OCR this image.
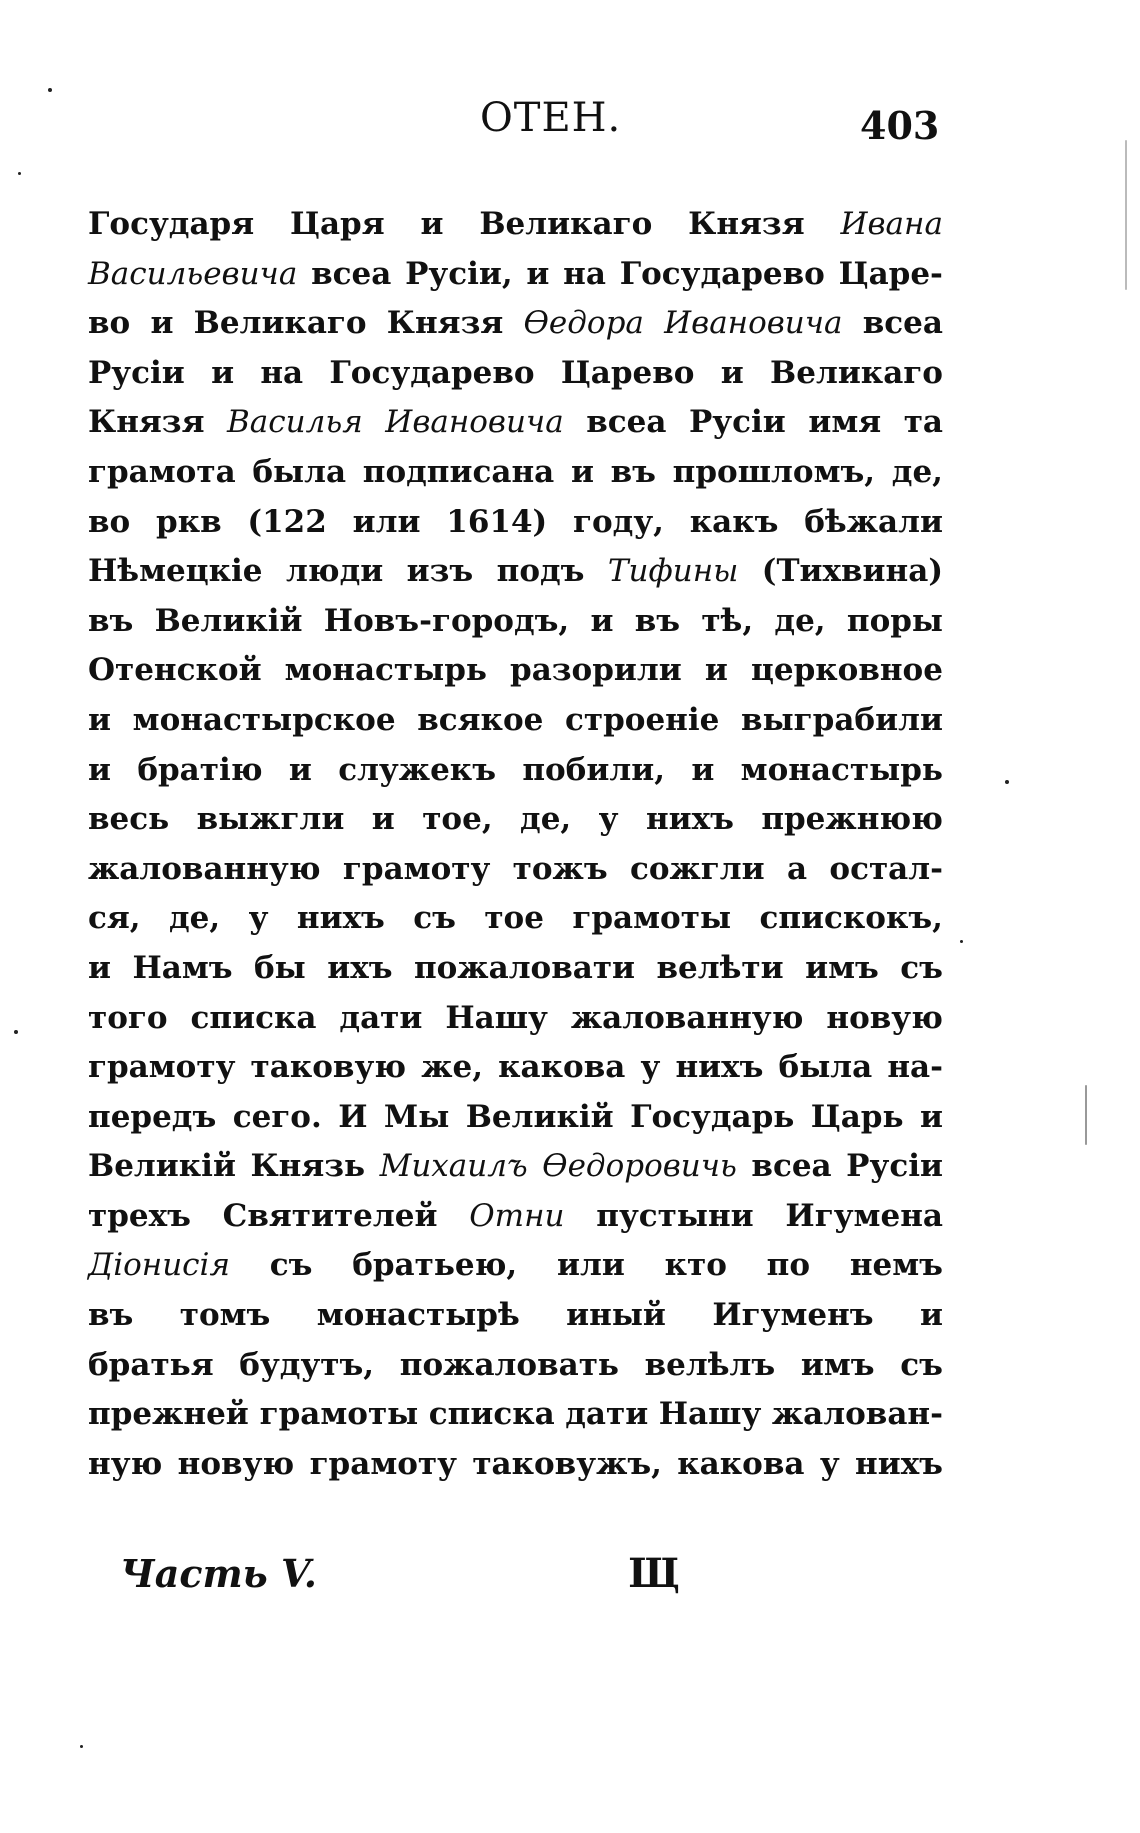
ОТЕН.	403
Государя Царя и Великаго Князя Ивана
Васильевича всеа Русіи, и на Государево Царе-
во и Великаго Князя Ѳедора Ивановича всеа
Русіи и на Государево Царево и Великаго
Князя Василья Ивановича всеа Русіи имя та
грамота была подписана и въ прошломъ, де,
во ркв (122 или 1614) году, какъ бѣжали
Нѣмецкіе люди изъ подъ Тифины (Тихвина)
въ Великій Новъ-городъ, и въ тѣ, де, поры
Отенской монастырь разорили и церковное
и монастырское всякое строеніе выграбили
и братію и служекъ побили, и монастырь
весь выжгли и тое, де, у нихъ прежнюю
жалованную грамоту тожъ сожгли а остал-
ся, де, у нихъ съ тое грамоты спискокъ,
и Намъ бы ихъ пожаловати велѣти имъ съ
того списка дати Нашу жалованную новую
грамоту таковую же, какова у нихъ была на-
передъ сего. И Мы Великій Государь Царь и
Великій Князь Михаилъ Ѳедоровичь всеа Русіи
трехъ Святителей Отни пустыни Игумена
Діонисія съ братьею, или кто по немъ
въ томъ монастырѣ иный Игуменъ и
братья будутъ, пожаловать велѣлъ имъ съ
прежней грамоты списка дати Нашу жалован-
ную новую грамоту таковужъ, какова у нихъ
Часть V.	Щ
